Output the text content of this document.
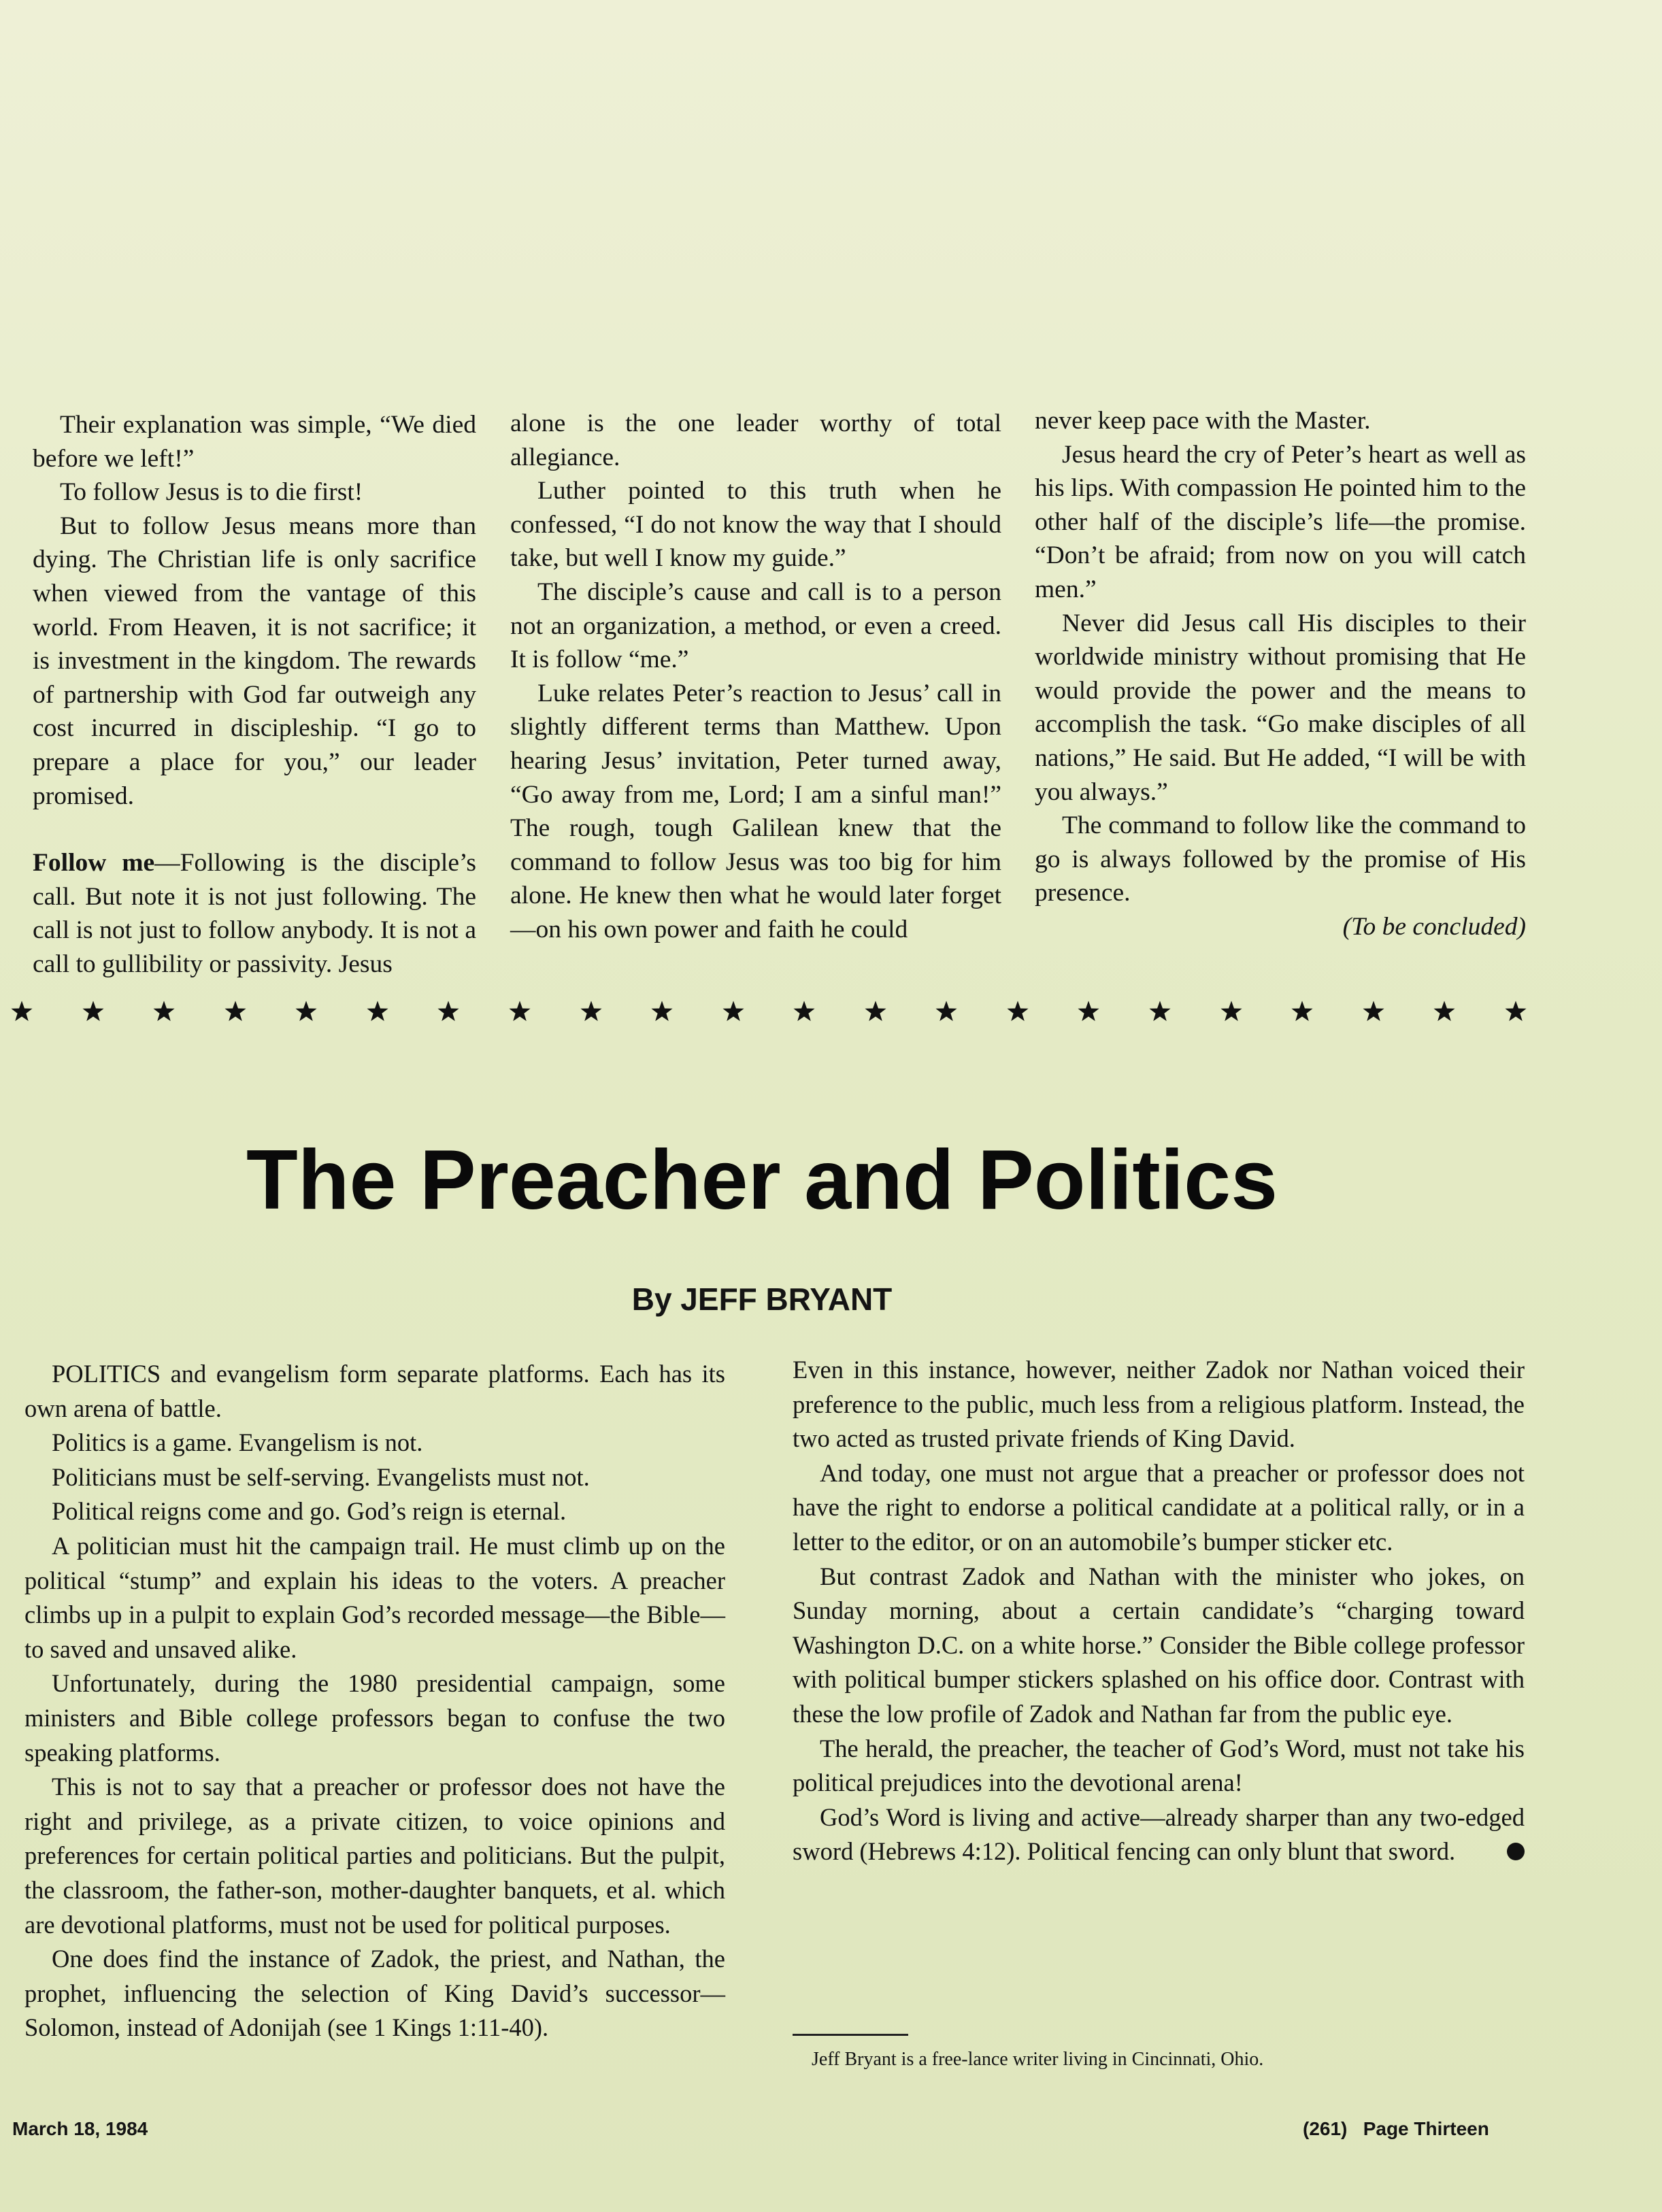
Their explanation was simple, “We died before we left!”

To follow Jesus is to die first!

But to follow Jesus means more than dying. The Christian life is only sacrifice when viewed from the vantage of this world. From Heaven, it is not sacrifice; it is investment in the kingdom. The rewards of partnership with God far outweigh any cost incurred in discipleship. “I go to prepare a place for you,” our leader promised.

Follow me—Following is the disciple’s call. But note it is not just following. The call is not just to follow anybody. It is not a call to gullibility or passivity. Jesus

alone is the one leader worthy of total allegiance.

Luther pointed to this truth when he confessed, “I do not know the way that I should take, but well I know my guide.”

The disciple’s cause and call is to a person not an organization, a method, or even a creed. It is follow “me.”

Luke relates Peter’s reaction to Jesus’ call in slightly different terms than Matthew. Upon hearing Jesus’ invitation, Peter turned away, “Go away from me, Lord; I am a sinful man!” The rough, tough Galilean knew that the command to follow Jesus was too big for him alone. He knew then what he would later forget—on his own power and faith he could

never keep pace with the Master.

Jesus heard the cry of Peter’s heart as well as his lips. With compassion He pointed him to the other half of the disciple’s life—the promise. “Don’t be afraid; from now on you will catch men.”

Never did Jesus call His disciples to their worldwide ministry without promising that He would provide the power and the means to accomplish the task. “Go make disciples of all nations,” He said. But He added, “I will be with you always.”

The command to follow like the command to go is always followed by the promise of His presence.

(To be concluded)

The Preacher and Politics
By JEFF BRYANT

POLITICS and evangelism form separate platforms. Each has its own arena of battle.

Politics is a game. Evangelism is not.

Politicians must be self-serving. Evangelists must not.

Political reigns come and go. God’s reign is eternal.

A politician must hit the campaign trail. He must climb up on the political “stump” and explain his ideas to the voters. A preacher climbs up in a pulpit to explain God’s recorded message—the Bible—to saved and unsaved alike.

Unfortunately, during the 1980 presidential campaign, some ministers and Bible college professors began to confuse the two speaking platforms.

This is not to say that a preacher or professor does not have the right and privilege, as a private citizen, to voice opinions and preferences for certain political parties and politicians. But the pulpit, the classroom, the father-son, mother-daughter banquets, et al. which are devotional platforms, must not be used for political purposes.

One does find the instance of Zadok, the priest, and Nathan, the prophet, influencing the selection of King David’s successor—Solomon, instead of Adonijah (see 1 Kings 1:11-40).

Even in this instance, however, neither Zadok nor Nathan voiced their preference to the public, much less from a religious platform. Instead, the two acted as trusted private friends of King David.

And today, one must not argue that a preacher or professor does not have the right to endorse a political candidate at a political rally, or in a letter to the editor, or on an automobile’s bumper sticker etc.

But contrast Zadok and Nathan with the minister who jokes, on Sunday morning, about a certain candidate’s “charging toward Washington D.C. on a white horse.” Consider the Bible college professor with political bumper stickers splashed on his office door. Contrast with these the low profile of Zadok and Nathan far from the public eye.

The herald, the preacher, the teacher of God’s Word, must not take his political prejudices into the devotional arena!

God’s Word is living and active—already sharper than any two-edged sword (Hebrews 4:12). Political fencing can only blunt that sword.

Jeff Bryant is a free-lance writer living in Cincinnati, Ohio.
March 18, 1984	(261)   Page Thirteen
